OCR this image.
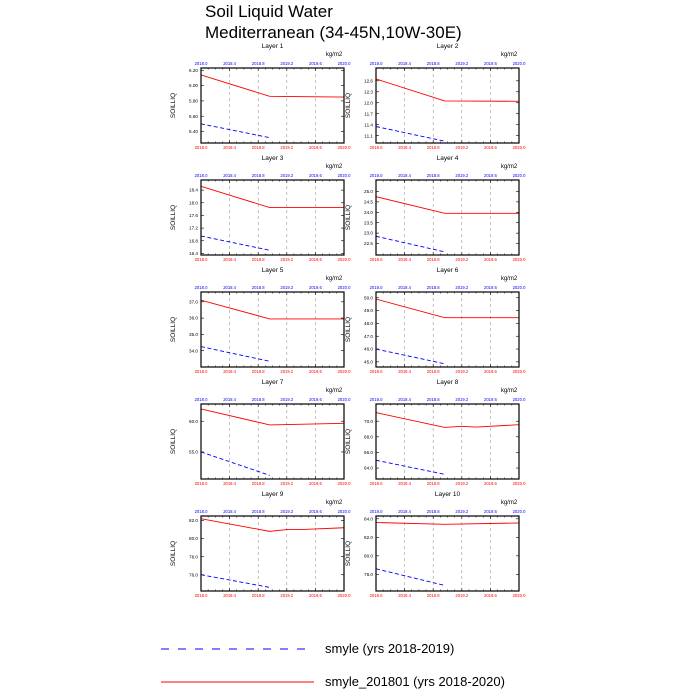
Soil Liquid Water
Mediterranean (34-45N,10W-30E)
Layer 1
kg/m2
SOILLIQ
2018.0
2018.0
2018.4
2018.4
2018.8
2018.8
2019.2
2019.2
2019.6
2019.6
2020.0
2020.0
5.40
5.60
5.80
6.00
6.20
Layer 2
kg/m2
SOILLIQ
2018.0
2018.0
2018.4
2018.4
2018.8
2018.8
2019.2
2019.2
2019.6
2019.6
2020.0
2020.0
11.1
11.4
11.7
12.0
12.3
12.6
Layer 3
kg/m2
SOILLIQ
2018.0
2018.0
2018.4
2018.4
2018.8
2018.8
2019.2
2019.2
2019.6
2019.6
2020.0
2020.0
16.4
16.8
17.2
17.6
18.0
18.4
Layer 4
kg/m2
SOILLIQ
2018.0
2018.0
2018.4
2018.4
2018.8
2018.8
2019.2
2019.2
2019.6
2019.6
2020.0
2020.0
22.5
23.0
23.5
24.0
24.5
25.0
Layer 5
kg/m2
SOILLIQ
2018.0
2018.0
2018.4
2018.4
2018.8
2018.8
2019.2
2019.2
2019.6
2019.6
2020.0
2020.0
34.0
35.0
36.0
37.0
Layer 6
kg/m2
SOILLIQ
2018.0
2018.0
2018.4
2018.4
2018.8
2018.8
2019.2
2019.2
2019.6
2019.6
2020.0
2020.0
45.0
46.0
47.0
48.0
49.0
50.0
Layer 7
kg/m2
SOILLIQ
2018.0
2018.0
2018.4
2018.4
2018.8
2018.8
2019.2
2019.2
2019.6
2019.6
2020.0
2020.0
55.0
60.0
Layer 8
kg/m2
SOILLIQ
2018.0
2018.0
2018.4
2018.4
2018.8
2018.8
2019.2
2019.2
2019.6
2019.6
2020.0
2020.0
64.0
66.0
68.0
70.0
Layer 9
kg/m2
SOILLIQ
2018.0
2018.0
2018.4
2018.4
2018.8
2018.8
2019.2
2019.2
2019.6
2019.6
2020.0
2020.0
76.0
78.0
80.0
82.0
Layer 10
kg/m2
SOILLIQ
2018.0
2018.0
2018.4
2018.4
2018.8
2018.8
2019.2
2019.2
2019.6
2019.6
2020.0
2020.0
78.0
80.0
82.0
84.0
smyle (yrs 2018-2019)
smyle_201801 (yrs 2018-2020)
